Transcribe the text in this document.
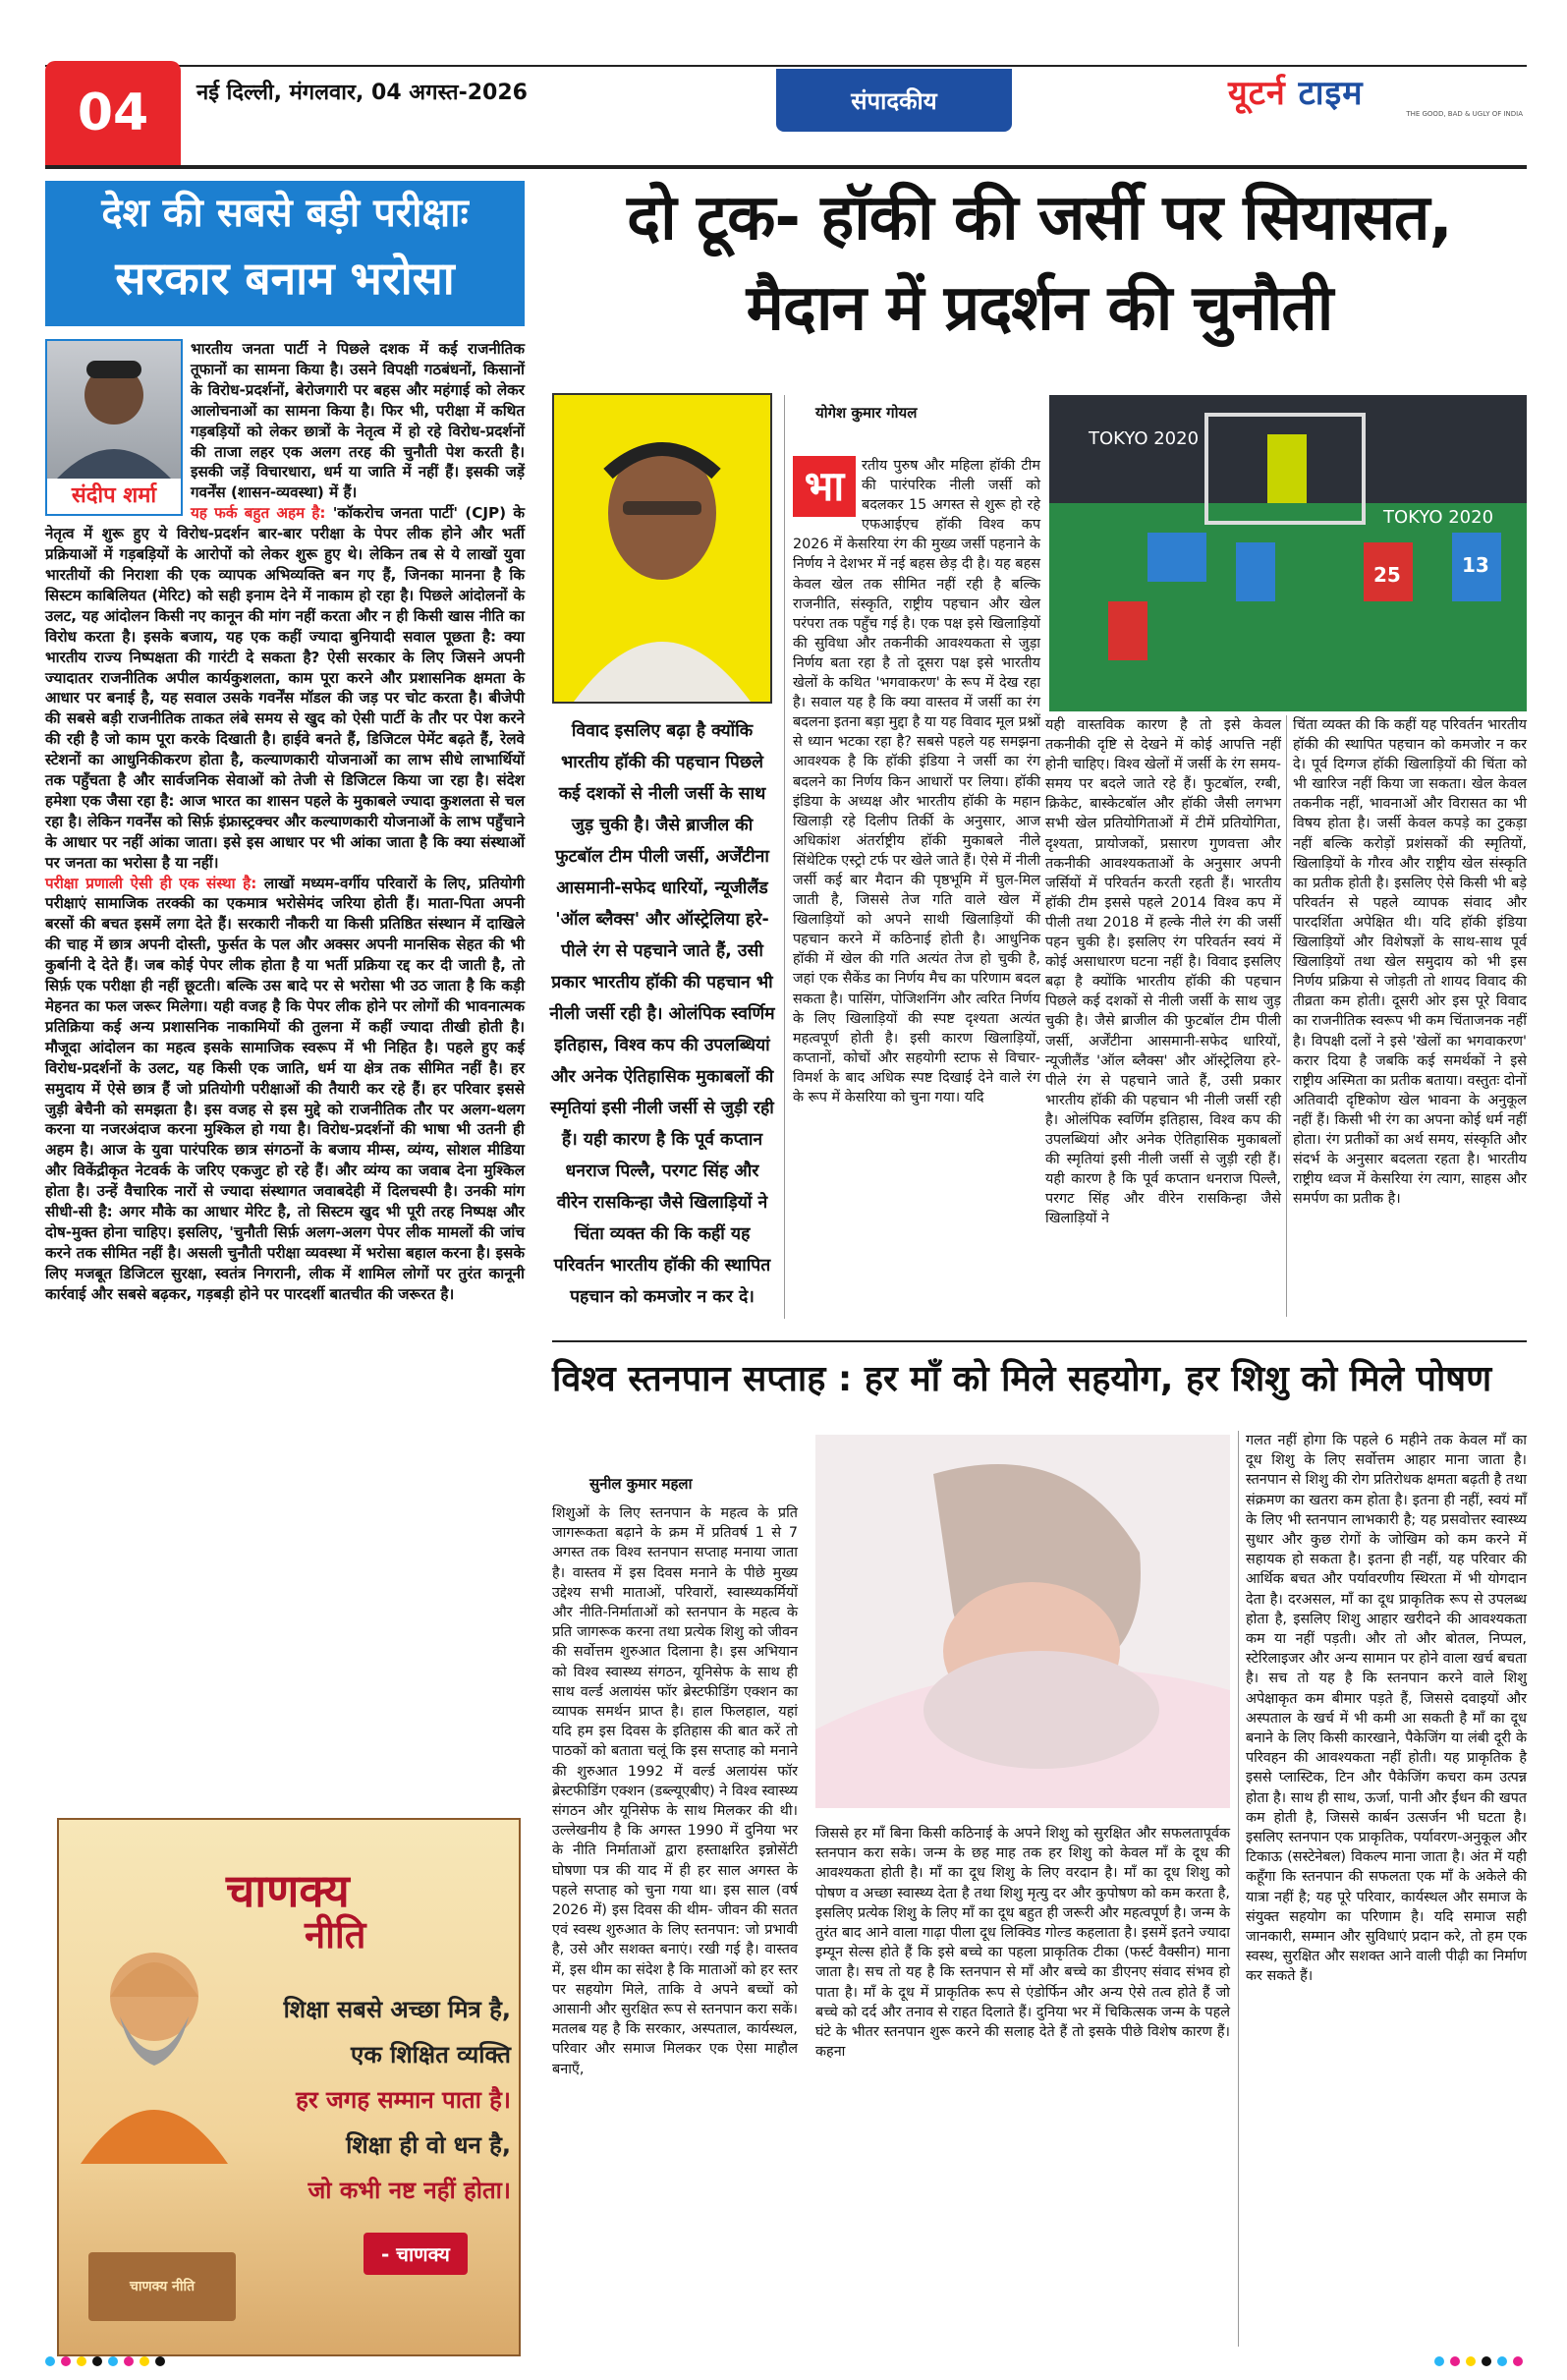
04	नई दिल्ली, मंगलवार, 04 अगस्त-2026	संपादकीय	यूटर्न टाइम
THE GOOD, BAD & UGLY OF INDIA
देश की सबसे बड़ी परीक्षाः
सरकार बनाम भरोसा
संदीप शर्मा
भारतीय जनता पार्टी ने पिछले दशक में कई राजनीतिक तूफानों का सामना किया है। उसने विपक्षी गठबंधनों, किसानों के विरोध-प्रदर्शनों, बेरोजगारी पर बहस और महंगाई को लेकर आलोचनाओं का सामना किया है। फिर भी, परीक्षा में कथित गड़बड़ियों को लेकर छात्रों के नेतृत्व में हो रहे विरोध-प्रदर्शनों की ताजा लहर एक अलग तरह की चुनौती पेश करती है। इसकी जड़ें विचारधारा, धर्म या जाति में नहीं हैं। इसकी जड़ें गवर्नेंस (शासन-व्यवस्था) में हैं।
यह फर्क बहुत अहम है: 'कॉकरोच जनता पार्टी' (CJP) के नेतृत्व में शुरू हुए ये विरोध-प्रदर्शन बार-बार परीक्षा के पेपर लीक होने और भर्ती प्रक्रियाओं में गड़बड़ियों के आरोपों को लेकर शुरू हुए थे। लेकिन तब से ये लाखों युवा भारतीयों की निराशा की एक व्यापक अभिव्यक्ति बन गए हैं, जिनका मानना है कि सिस्टम काबिलियत (मेरिट) को सही इनाम देने में नाकाम हो रहा है। पिछले आंदोलनों के उलट, यह आंदोलन किसी नए कानून की मांग नहीं करता और न ही किसी खास नीति का विरोध करता है। इसके बजाय, यह एक कहीं ज्यादा बुनियादी सवाल पूछता है: क्या भारतीय राज्य निष्पक्षता की गारंटी दे सकता है? ऐसी सरकार के लिए जिसने अपनी ज्यादातर राजनीतिक अपील कार्यकुशलता, काम पूरा करने और प्रशासनिक क्षमता के आधार पर बनाई है, यह सवाल उसके गवर्नेंस मॉडल की जड़ पर चोट करता है। बीजेपी की सबसे बड़ी राजनीतिक ताकत लंबे समय से खुद को ऐसी पार्टी के तौर पर पेश करने की रही है जो काम पूरा करके दिखाती है। हाईवे बनते हैं, डिजिटल पेमेंट बढ़ते हैं, रेलवे स्टेशनों का आधुनिकीकरण होता है, कल्याणकारी योजनाओं का लाभ सीधे लाभार्थियों तक पहुँचता है और सार्वजनिक सेवाओं को तेजी से डिजिटल किया जा रहा है। संदेश हमेशा एक जैसा रहा है: आज भारत का शासन पहले के मुकाबले ज्यादा कुशलता से चल रहा है। लेकिन गवर्नेंस को सिर्फ़ इंफ्रास्ट्रक्चर और कल्याणकारी योजनाओं के लाभ पहुँचाने के आधार पर नहीं आंका जाता। इसे इस आधार पर भी आंका जाता है कि क्या संस्थाओं पर जनता का भरोसा है या नहीं।
परीक्षा प्रणाली ऐसी ही एक संस्था है: लाखों मध्यम-वर्गीय परिवारों के लिए, प्रतियोगी परीक्षाएं सामाजिक तरक्की का एकमात्र भरोसेमंद जरिया होती हैं। माता-पिता अपनी बरसों की बचत इसमें लगा देते हैं। सरकारी नौकरी या किसी प्रतिष्ठित संस्थान में दाखिले की चाह में छात्र अपनी दोस्ती, फुर्सत के पल और अक्सर अपनी मानसिक सेहत की भी कुर्बानी दे देते हैं। जब कोई पेपर लीक होता है या भर्ती प्रक्रिया रद्द कर दी जाती है, तो सिर्फ़ एक परीक्षा ही नहीं छूटती। बल्कि उस बादे पर से भरोसा भी उठ जाता है कि कड़ी मेहनत का फल जरूर मिलेगा। यही वजह है कि पेपर लीक होने पर लोगों की भावनात्मक प्रतिक्रिया कई अन्य प्रशासनिक नाकामियों की तुलना में कहीं ज्यादा तीखी होती है। मौजूदा आंदोलन का महत्व इसके सामाजिक स्वरूप में भी निहित है। पहले हुए कई विरोध-प्रदर्शनों के उलट, यह किसी एक जाति, धर्म या क्षेत्र तक सीमित नहीं है। हर समुदाय में ऐसे छात्र हैं जो प्रतियोगी परीक्षाओं की तैयारी कर रहे हैं। हर परिवार इससे जुड़ी बेचैनी को समझता है। इस वजह से इस मुद्दे को राजनीतिक तौर पर अलग-थलग करना या नजरअंदाज करना मुश्किल हो गया है। विरोध-प्रदर्शनों की भाषा भी उतनी ही अहम है। आज के युवा पारंपरिक छात्र संगठनों के बजाय मीम्स, व्यंग्य, सोशल मीडिया और विकेंद्रीकृत नेटवर्क के जरिए एकजुट हो रहे हैं। और व्यंग्य का जवाब देना मुश्किल होता है। उन्हें वैचारिक नारों से ज्यादा संस्थागत जवाबदेही में दिलचस्पी है। उनकी मांग सीधी-सी है: अगर मौके का आधार मेरिट है, तो सिस्टम खुद भी पूरी तरह निष्पक्ष और दोष-मुक्त होना चाहिए। इसलिए, 'चुनौती सिर्फ़ अलग-अलग पेपर लीक मामलों की जांच करने तक सीमित नहीं है। असली चुनौती परीक्षा व्यवस्था में भरोसा बहाल करना है। इसके लिए मजबूत डिजिटल सुरक्षा, स्वतंत्र निगरानी, लीक में शामिल लोगों पर तुरंत कानूनी कार्रवाई और सबसे बढ़कर, गड़बड़ी होने पर पारदर्शी बातचीत की जरूरत है।
चाणक्य
नीति
शिक्षा सबसे अच्छा मित्र है,
एक शिक्षित व्यक्ति
हर जगह सम्मान पाता है।
शिक्षा ही वो धन है,
जो कभी नष्ट नहीं होता।
- चाणक्य
चाणक्य नीति
दो टूक- हॉकी की जर्सी पर सियासत,
मैदान में प्रदर्शन की चुनौती
विवाद इसलिए बढ़ा है क्योंकि भारतीय हॉकी की पहचान पिछले कई दशकों से नीली जर्सी के साथ जुड़ चुकी है। जैसे ब्राजील की फुटबॉल टीम पीली जर्सी, अर्जेंटीना आसमानी-सफेद धारियों, न्यूजीलैंड 'ऑल ब्लैक्स' और ऑस्ट्रेलिया हरे-पीले रंग से पहचाने जाते हैं, उसी प्रकार भारतीय हॉकी की पहचान भी नीली जर्सी रही है। ओलंपिक स्वर्णिम इतिहास, विश्व कप की उपलब्धियां और अनेक ऐतिहासिक मुकाबलों की स्मृतियां इसी नीली जर्सी से जुड़ी रही हैं। यही कारण है कि पूर्व कप्तान धनराज पिल्लै, परगट सिंह और वीरेन रासकिन्हा जैसे खिलाड़ियों ने चिंता व्यक्त की कि कहीं यह परिवर्तन भारतीय हॉकी की स्थापित पहचान को कमजोर न कर दे।
योगेश कुमार गोयल
भा	रतीय पुरुष और महिला हॉकी टीम की पारंपरिक नीली जर्सी को बदलकर 15 अगस्त से शुरू हो रहे एफआईएच हॉकी विश्व कप 2026 में केसरिया रंग की मुख्य जर्सी पहनाने के निर्णय ने देशभर में नई बहस छेड़ दी है। यह बहस केवल खेल तक सीमित नहीं रही है बल्कि राजनीति, संस्कृति, राष्ट्रीय पहचान और खेल परंपरा तक पहुँच गई है। एक पक्ष इसे खिलाड़ियों की सुविधा और तकनीकी आवश्यकता से जुड़ा निर्णय बता रहा है तो दूसरा पक्ष इसे भारतीय खेलों के कथित 'भगवाकरण' के रूप में देख रहा है। सवाल यह है कि क्या वास्तव में जर्सी का रंग बदलना इतना बड़ा मुद्दा है या यह विवाद मूल प्रश्नों से ध्यान भटका रहा है? सबसे पहले यह समझना आवश्यक है कि हॉकी इंडिया ने जर्सी का रंग बदलने का निर्णय किन आधारों पर लिया। हॉकी इंडिया के अध्यक्ष और भारतीय हॉकी के महान खिलाड़ी रहे दिलीप तिर्की के अनुसार, आज अधिकांश अंतर्राष्ट्रीय हॉकी मुकाबले नीले सिंथेटिक एस्ट्रो टर्फ पर खेले जाते हैं। ऐसे में नीली जर्सी कई बार मैदान की पृष्ठभूमि में घुल-मिल जाती है, जिससे तेज गति वाले खेल में खिलाड़ियों को अपने साथी खिलाड़ियों की पहचान करने में कठिनाई होती है। आधुनिक हॉकी में खेल की गति अत्यंत तेज हो चुकी है, जहां एक सैकेंड का निर्णय मैच का परिणाम बदल सकता है। पासिंग, पोजिशनिंग और त्वरित निर्णय के लिए खिलाड़ियों की स्पष्ट दृश्यता अत्यंत महत्वपूर्ण होती है। इसी कारण खिलाड़ियों, कप्तानों, कोचों और सहयोगी स्टाफ से विचार-विमर्श के बाद अधिक स्पष्ट दिखाई देने वाले रंग के रूप में केसरिया को चुना गया। यदि
TOKYO 2020
TOKYO 2020
25	13
यही वास्तविक कारण है तो इसे केवल तकनीकी दृष्टि से देखने में कोई आपत्ति नहीं होनी चाहिए। विश्व खेलों में जर्सी के रंग समय-समय पर बदले जाते रहे हैं। फुटबॉल, रग्बी, क्रिकेट, बास्केटबॉल और हॉकी जैसी लगभग सभी खेल प्रतियोगिताओं में टीमें प्रतियोगिता, दृश्यता, प्रायोजकों, प्रसारण गुणवत्ता और तकनीकी आवश्यकताओं के अनुसार अपनी जर्सियों में परिवर्तन करती रहती हैं। भारतीय हॉकी टीम इससे पहले 2014 विश्व कप में पीली तथा 2018 में हल्के नीले रंग की जर्सी पहन चुकी है। इसलिए रंग परिवर्तन स्वयं में कोई असाधारण घटना नहीं है। विवाद इसलिए बढ़ा है क्योंकि भारतीय हॉकी की पहचान पिछले कई दशकों से नीली जर्सी के साथ जुड़ चुकी है। जैसे ब्राजील की फुटबॉल टीम पीली जर्सी, अर्जेंटीना आसमानी-सफेद धारियों, न्यूजीलैंड 'ऑल ब्लैक्स' और ऑस्ट्रेलिया हरे-पीले रंग से पहचाने जाते हैं, उसी प्रकार भारतीय हॉकी की पहचान भी नीली जर्सी रही है। ओलंपिक स्वर्णिम इतिहास, विश्व कप की उपलब्धियां और अनेक ऐतिहासिक मुकाबलों की स्मृतियां इसी नीली जर्सी से जुड़ी रही हैं। यही कारण है कि पूर्व कप्तान धनराज पिल्लै, परगट सिंह और वीरेन रासकिन्हा जैसे खिलाड़ियों ने
चिंता व्यक्त की कि कहीं यह परिवर्तन भारतीय हॉकी की स्थापित पहचान को कमजोर न कर दे। पूर्व दिग्गज हॉकी खिलाड़ियों की चिंता को भी खारिज नहीं किया जा सकता। खेल केवल तकनीक नहीं, भावनाओं और विरासत का भी विषय होता है। जर्सी केवल कपड़े का टुकड़ा नहीं बल्कि करोड़ों प्रशंसकों की स्मृतियों, खिलाड़ियों के गौरव और राष्ट्रीय खेल संस्कृति का प्रतीक होती है। इसलिए ऐसे किसी भी बड़े परिवर्तन से पहले व्यापक संवाद और पारदर्शिता अपेक्षित थी। यदि हॉकी इंडिया खिलाड़ियों और विशेषज्ञों के साथ-साथ पूर्व खिलाड़ियों तथा खेल समुदाय को भी इस निर्णय प्रक्रिया से जोड़ती तो शायद विवाद की तीव्रता कम होती। दूसरी ओर इस पूरे विवाद का राजनीतिक स्वरूप भी कम चिंताजनक नहीं है। विपक्षी दलों ने इसे 'खेलों का भगवाकरण' करार दिया है जबकि कई समर्थकों ने इसे राष्ट्रीय अस्मिता का प्रतीक बताया। वस्तुतः दोनों अतिवादी दृष्टिकोण खेल भावना के अनुकूल नहीं हैं। किसी भी रंग का अपना कोई धर्म नहीं होता। रंग प्रतीकों का अर्थ समय, संस्कृति और संदर्भ के अनुसार बदलता रहता है। भारतीय राष्ट्रीय ध्वज में केसरिया रंग त्याग, साहस और समर्पण का प्रतीक है।
विश्व स्तनपान सप्ताह : हर माँ को मिले सहयोग, हर शिशु को मिले पोषण
सुनील कुमार महला
शिशुओं के लिए स्तनपान के महत्व के प्रति जागरूकता बढ़ाने के क्रम में प्रतिवर्ष 1 से 7 अगस्त तक विश्व स्तनपान सप्ताह मनाया जाता है। वास्तव में इस दिवस मनाने के पीछे मुख्य उद्देश्य सभी माताओं, परिवारों, स्वास्थ्यकर्मियों और नीति-निर्माताओं को स्तनपान के महत्व के प्रति जागरूक करना तथा प्रत्येक शिशु को जीवन की सर्वोत्तम शुरुआत दिलाना है। इस अभियान को विश्व स्वास्थ्य संगठन, यूनिसेफ के साथ ही साथ वर्ल्ड अलायंस फॉर ब्रेस्टफीडिंग एक्शन का व्यापक समर्थन प्राप्त है। हाल फिलहाल, यहां यदि हम इस दिवस के इतिहास की बात करें तो पाठकों को बताता चलूं कि इस सप्ताह को मनाने की शुरुआत 1992 में वर्ल्ड अलायंस फॉर ब्रेस्टफीडिंग एक्शन (डब्ल्यूएबीए) ने विश्व स्वास्थ्य संगठन और यूनिसेफ के साथ मिलकर की थी। उल्लेखनीय है कि अगस्त 1990 में दुनिया भर के नीति निर्माताओं द्वारा हस्ताक्षरित इन्नोसेंटी घोषणा पत्र की याद में ही हर साल अगस्त के पहले सप्ताह को चुना गया था। इस साल (वर्ष 2026 में) इस दिवस की थीम- जीवन की सतत एवं स्वस्थ शुरुआत के लिए स्तनपान: जो प्रभावी है, उसे और सशक्त बनाएं। रखी गई है। वास्तव में, इस थीम का संदेश है कि माताओं को हर स्तर पर सहयोग मिले, ताकि वे अपने बच्चों को आसानी और सुरक्षित रूप से स्तनपान करा सकें। मतलब यह है कि सरकार, अस्पताल, कार्यस्थल, परिवार और समाज मिलकर एक ऐसा माहौल बनाएँ,
जिससे हर माँ बिना किसी कठिनाई के अपने शिशु को सुरक्षित और सफलतापूर्वक स्तनपान करा सके। जन्म के छह माह तक हर शिशु को केवल माँ के दूध की आवश्यकता होती है। माँ का दूध शिशु के लिए वरदान है। माँ का दूध शिशु को पोषण व अच्छा स्वास्थ्य देता है तथा शिशु मृत्यु दर और कुपोषण को कम करता है, इसलिए प्रत्येक शिशु के लिए माँ का दूध बहुत ही जरूरी और महत्वपूर्ण है। जन्म के तुरंत बाद आने वाला गाढ़ा पीला दूध लिक्विड गोल्ड कहलाता है। इसमें इतने ज्यादा इम्यून सेल्स होते हैं कि इसे बच्चे का पहला प्राकृतिक टीका (फर्स्ट वैक्सीन) माना जाता है। सच तो यह है कि स्तनपान से माँ और बच्चे का डीएनए संवाद संभव हो पाता है। माँ के दूध में प्राकृतिक रूप से एंडोर्फिन और अन्य ऐसे तत्व होते हैं जो बच्चे को दर्द और तनाव से राहत दिलाते हैं। दुनिया भर में चिकित्सक जन्म के पहले घंटे के भीतर स्तनपान शुरू करने की सलाह देते हैं तो इसके पीछे विशेष कारण हैं। कहना
गलत नहीं होगा कि पहले 6 महीने तक केवल माँ का दूध शिशु के लिए सर्वोत्तम आहार माना जाता है। स्तनपान से शिशु की रोग प्रतिरोधक क्षमता बढ़ती है तथा संक्रमण का खतरा कम होता है। इतना ही नहीं, स्वयं माँ के लिए भी स्तनपान लाभकारी है; यह प्रसवोत्तर स्वास्थ्य सुधार और कुछ रोगों के जोखिम को कम करने में सहायक हो सकता है। इतना ही नहीं, यह परिवार की आर्थिक बचत और पर्यावरणीय स्थिरता में भी योगदान देता है। दरअसल, माँ का दूध प्राकृतिक रूप से उपलब्ध होता है, इसलिए शिशु आहार खरीदने की आवश्यकता कम या नहीं पड़ती। और तो और बोतल, निप्पल, स्टेरिलाइजर और अन्य सामान पर होने वाला खर्च बचता है। सच तो यह है कि स्तनपान करने वाले शिशु अपेक्षाकृत कम बीमार पड़ते हैं, जिससे दवाइयों और अस्पताल के खर्च में भी कमी आ सकती है माँ का दूध बनाने के लिए किसी कारखाने, पैकेजिंग या लंबी दूरी के परिवहन की आवश्यकता नहीं होती। यह प्राकृतिक है इससे प्लास्टिक, टिन और पैकेजिंग कचरा कम उत्पन्न होता है। साथ ही साथ, ऊर्जा, पानी और ईंधन की खपत कम होती है, जिससे कार्बन उत्सर्जन भी घटता है। इसलिए स्तनपान एक प्राकृतिक, पर्यावरण-अनुकूल और टिकाऊ (सस्टेनेबल) विकल्प माना जाता है। अंत में यही कहूँगा कि स्तनपान की सफलता एक माँ के अकेले की यात्रा नहीं है; यह पूरे परिवार, कार्यस्थल और समाज के संयुक्त सहयोग का परिणाम है। यदि समाज सही जानकारी, सम्मान और सुविधाएं प्रदान करे, तो हम एक स्वस्थ, सुरक्षित और सशक्त आने वाली पीढ़ी का निर्माण कर सकते हैं।
